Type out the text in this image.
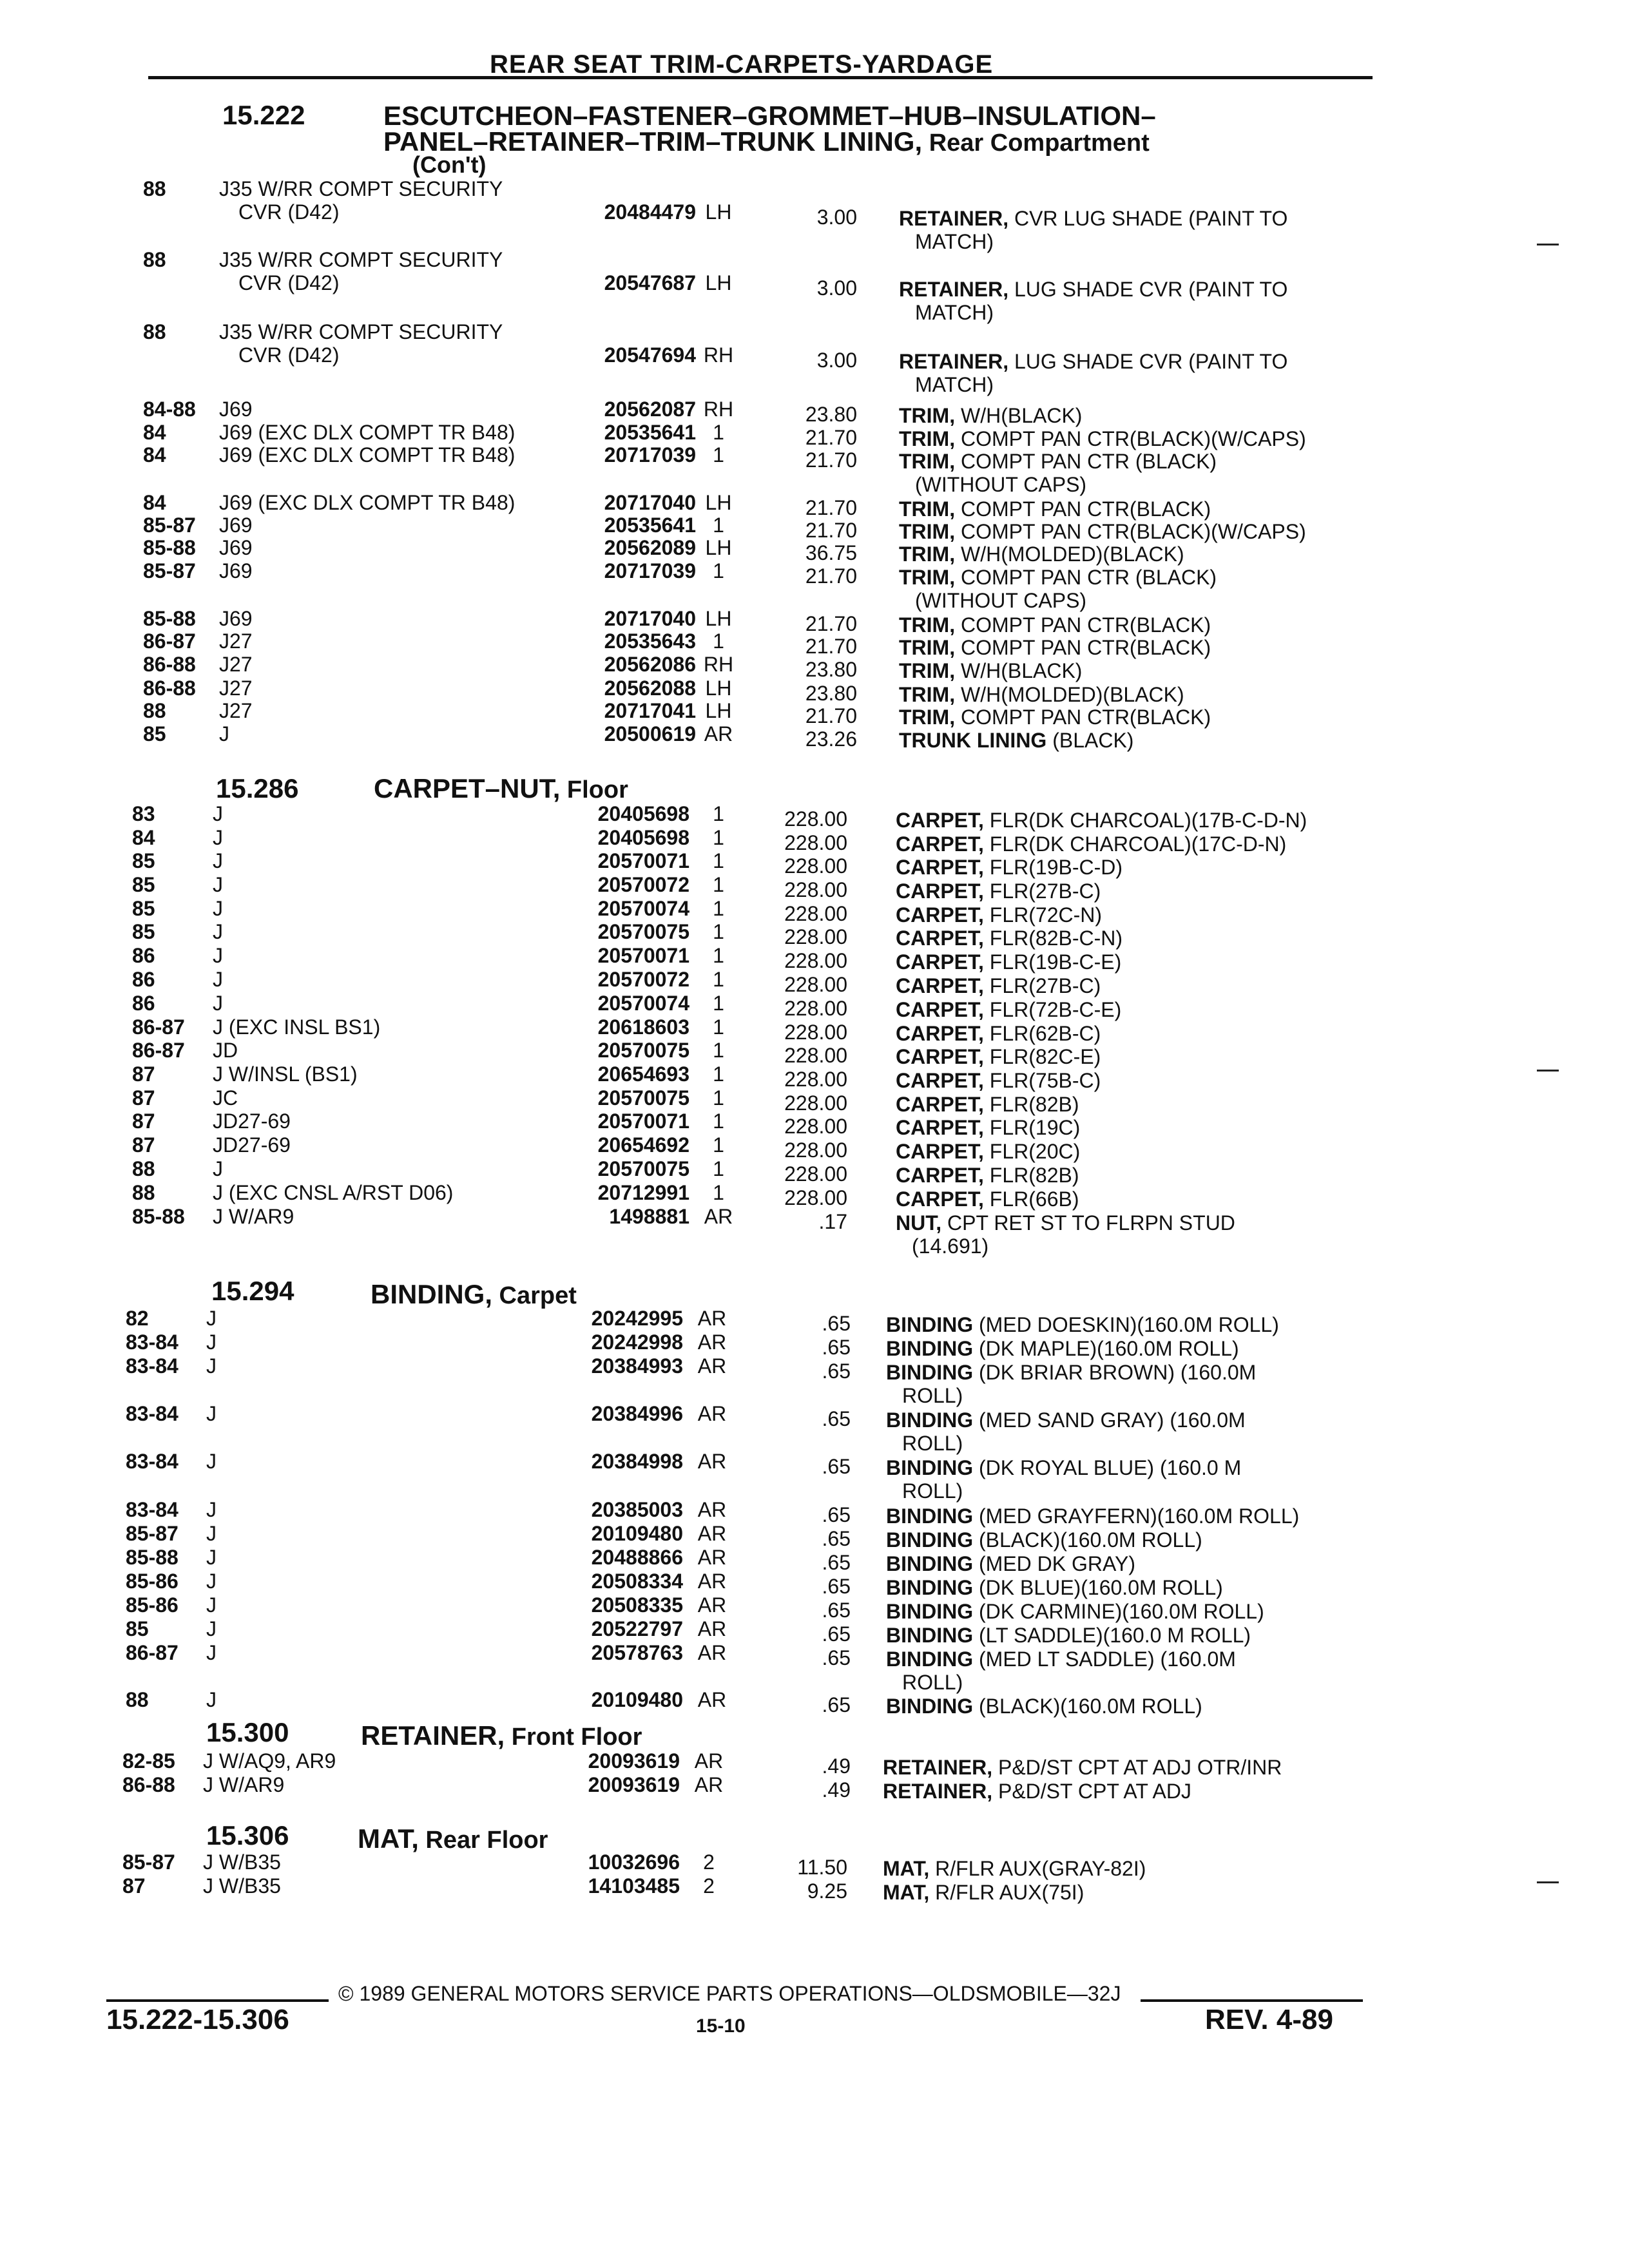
REAR SEAT TRIM-CARPETS-YARDAGE
15.222	ESCUTCHEON–FASTENER–GROMMET–HUB–INSULATION–
PANEL–RETAINER–TRIM–TRUNK LINING, Rear Compartment
(Con't)
88	J35 W/RR COMPT SECURITY
CVR (D42)	20484479 LH	3.00 RETAINER, CVR LUG SHADE (PAINT TO
MATCH)
88	J35 W/RR COMPT SECURITY
CVR (D42)	20547687 LH	3.00 RETAINER, LUG SHADE CVR (PAINT TO
MATCH)
88	J35 W/RR COMPT SECURITY
CVR (D42)	20547694 RH	3.00 RETAINER, LUG SHADE CVR (PAINT TO
MATCH)
84-88 J69	20562087 RH	23.80 TRIM, W/H(BLACK)
84	J69 (EXC DLX COMPT TR B48)	20535641 1	21.70 TRIM, COMPT PAN CTR(BLACK)(W/CAPS)
84	J69 (EXC DLX COMPT TR B48)	20717039 1	21.70 TRIM, COMPT PAN CTR (BLACK)
(WITHOUT CAPS)
84	J69 (EXC DLX COMPT TR B48)	20717040 LH	21.70 TRIM, COMPT PAN CTR(BLACK)
85-87 J69	20535641 1	21.70 TRIM, COMPT PAN CTR(BLACK)(W/CAPS)
85-88 J69	20562089 LH	36.75 TRIM, W/H(MOLDED)(BLACK)
85-87 J69	20717039 1	21.70 TRIM, COMPT PAN CTR (BLACK)
(WITHOUT CAPS)
85-88 J69	20717040 LH	21.70 TRIM, COMPT PAN CTR(BLACK)
86-87 J27	20535643 1	21.70 TRIM, COMPT PAN CTR(BLACK)
86-88 J27	20562086 RH	23.80 TRIM, W/H(BLACK)
86-88 J27	20562088 LH	23.80 TRIM, W/H(MOLDED)(BLACK)
88	J27	20717041 LH	21.70 TRIM, COMPT PAN CTR(BLACK)
85	J	20500619 AR	23.26 TRUNK LINING (BLACK)
15.286	CARPET–NUT, Floor
83	J	20405698	1	228.00 CARPET, FLR(DK CHARCOAL)(17B-C-D-N)
84	J	20405698	1	228.00 CARPET, FLR(DK CHARCOAL)(17C-D-N)
85	J	20570071	1	228.00 CARPET, FLR(19B-C-D)
85	J	20570072	1	228.00 CARPET, FLR(27B-C)
85	J	20570074	1	228.00 CARPET, FLR(72C-N)
85	J	20570075	1	228.00 CARPET, FLR(82B-C-N)
86	J	20570071	1	228.00 CARPET, FLR(19B-C-E)
86	J	20570072	1	228.00 CARPET, FLR(27B-C)
86	J	20570074	1	228.00 CARPET, FLR(72B-C-E)
86-87 J (EXC INSL BS1)	20618603	1	228.00 CARPET, FLR(62B-C)
86-87 JD	20570075	1	228.00 CARPET, FLR(82C-E)
87	J W/INSL (BS1)	20654693	1	228.00 CARPET, FLR(75B-C)
87	JC	20570075	1	228.00 CARPET, FLR(82B)
87	JD27-69	20570071	1	228.00 CARPET, FLR(19C)
87	JD27-69	20654692	1	228.00 CARPET, FLR(20C)
88	J	20570075	1	228.00 CARPET, FLR(82B)
88	J (EXC CNSL A/RST D06)	20712991	1	228.00 CARPET, FLR(66B)
85-88 J W/AR9	1498881 AR	.17 NUT, CPT RET ST TO FLRPN STUD
(14.691)
15.294	BINDING, Carpet
82	J	20242995 AR	.65 BINDING (MED DOESKIN)(160.0M ROLL)
83-84 J	20242998 AR	.65 BINDING (DK MAPLE)(160.0M ROLL)
83-84 J	20384993 AR	.65 BINDING (DK BRIAR BROWN) (160.0M
ROLL)
83-84 J	20384996 AR	.65 BINDING (MED SAND GRAY) (160.0M
ROLL)
83-84 J	20384998 AR	.65 BINDING (DK ROYAL BLUE) (160.0 M
ROLL)
83-84 J	20385003 AR	.65 BINDING (MED GRAYFERN)(160.0M ROLL)
85-87 J	20109480 AR	.65 BINDING (BLACK)(160.0M ROLL)
85-88 J	20488866 AR	.65 BINDING (MED DK GRAY)
85-86 J	20508334 AR	.65 BINDING (DK BLUE)(160.0M ROLL)
85-86 J	20508335 AR	.65 BINDING (DK CARMINE)(160.0M ROLL)
85	J	20522797 AR	.65 BINDING (LT SADDLE)(160.0 M ROLL)
86-87 J	20578763 AR	.65 BINDING (MED LT SADDLE) (160.0M
ROLL)
88	J	20109480 AR	.65 BINDING (BLACK)(160.0M ROLL)
15.300	RETAINER, Front Floor
82-85 J W/AQ9, AR9	20093619 AR	.49 RETAINER, P&D/ST CPT AT ADJ OTR/INR
86-88 J W/AR9	20093619 AR	.49 RETAINER, P&D/ST CPT AT ADJ
15.306	MAT, Rear Floor
85-87 J W/B35	10032696	2	11.50 MAT, R/FLR AUX(GRAY-82I)
87	J W/B35	14103485	2	9.25 MAT, R/FLR AUX(75I)
© 1989 GENERAL MOTORS SERVICE PARTS OPERATIONS—OLDSMOBILE—32J
15.222-15.306	15-10	REV. 4-89
